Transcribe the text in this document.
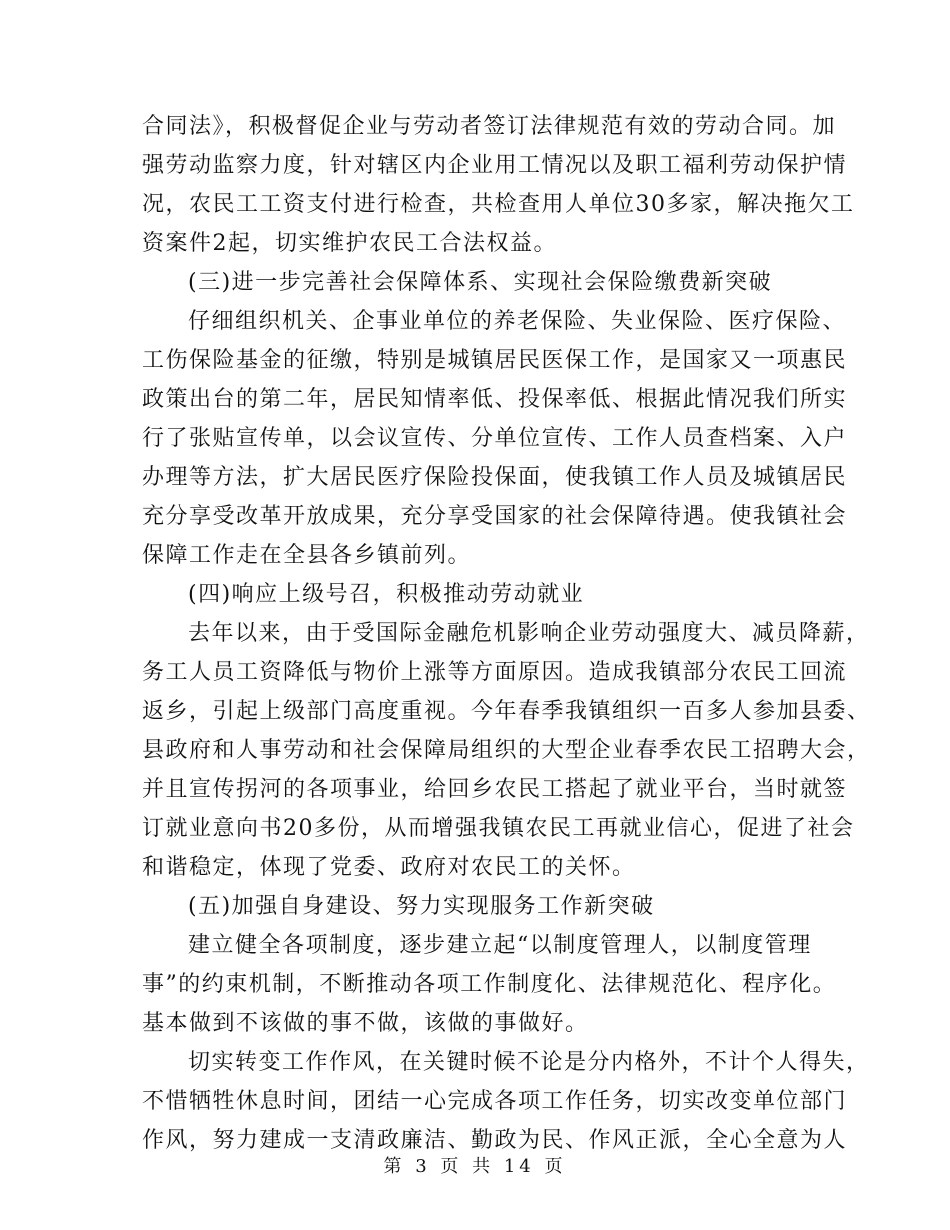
合同法》，积极督促企业与劳动者签订法律规范有效的劳动合同。加
强劳动监察力度，针对辖区内企业用工情况以及职工福利劳动保护情
况，农民工工资支付进行检查，共检查用人单位30多家，解决拖欠工
资案件2起，切实维护农民工合法权益。
(三)进一步完善社会保障体系、实现社会保险缴费新突破
仔细组织机关、企事业单位的养老保险、失业保险、医疗保险、
工伤保险基金的征缴，特别是城镇居民医保工作，是国家又一项惠民
政策出台的第二年，居民知情率低、投保率低、根据此情况我们所实
行了张贴宣传单，以会议宣传、分单位宣传、工作人员查档案、入户
办理等方法，扩大居民医疗保险投保面，使我镇工作人员及城镇居民
充分享受改革开放成果，充分享受国家的社会保障待遇。使我镇社会
保障工作走在全县各乡镇前列。
(四)响应上级号召，积极推动劳动就业
去年以来，由于受国际金融危机影响企业劳动强度大、减员降薪，
务工人员工资降低与物价上涨等方面原因。造成我镇部分农民工回流
返乡，引起上级部门高度重视。今年春季我镇组织一百多人参加县委、
县政府和人事劳动和社会保障局组织的大型企业春季农民工招聘大会，
并且宣传拐河的各项事业，给回乡农民工搭起了就业平台，当时就签
订就业意向书20多份，从而增强我镇农民工再就业信心，促进了社会
和谐稳定，体现了党委、政府对农民工的关怀。
(五)加强自身建设、努力实现服务工作新突破
建立健全各项制度，逐步建立起“以制度管理人，以制度管理
事”的约束机制，不断推动各项工作制度化、法律规范化、程序化。
基本做到不该做的事不做，该做的事做好。
切实转变工作作风，在关键时候不论是分内格外，不计个人得失，
不惜牺牲休息时间，团结一心完成各项工作任务，切实改变单位部门
作风，努力建成一支清政廉洁、勤政为民、作风正派，全心全意为人
第 3 页 共 14 页
